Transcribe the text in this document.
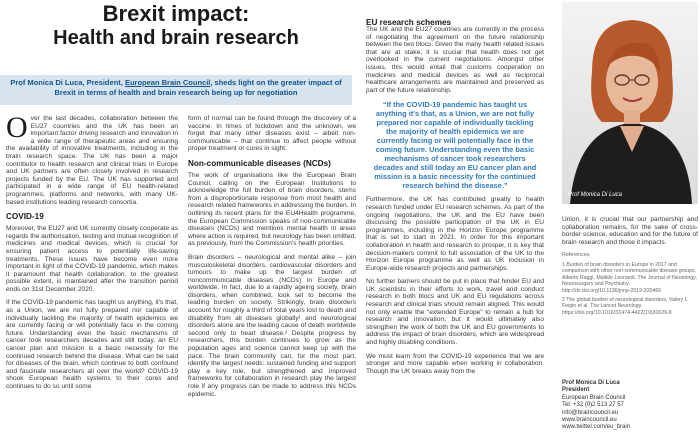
Brexit impact:
Health and brain research
Prof Monica Di Luca, President, European Brain Council, sheds light on the greater impact of Brexit in terms of health and brain research being up for negotiation

Over the last decades, collaboration between the EU27 countries and the UK has been an important factor driving research and innovation in a wide range of therapeutic areas and ensuring the availability of innovative treatments, including in the brain research space. The UK has been a major contributor to health research and clinical trials in Europe and UK partners are often closely involved in research projects funded by the EU. The UK has supported and participated in a wide range of EU health-related programmes, platforms and networks, with many UK-based institutions leading research consortia.

COVID-19

Moreover, the EU27 and UK currently closely cooperate as regards the authorisation, testing and mutual recognition of medicines and medical devices, which is crucial for ensuring patient access to potentially life-saving treatments. These issues have become even more important in light of the COVID-19 pandemic, which makes it paramount that health collaboration, to the greatest possible extent, is maintained after the transition period ends on 31st December 2020.

If the COVID-19 pandemic has taught us anything, it's that, as a Union, we are not fully prepared nor capable of individually tackling the majority of health epidemics we are currently facing or will potentially face in the coming future. Understanding even the basic mechanisms of cancer took researchers decades and still today, an EU cancer plan and mission is a basic necessity for the continued research behind the disease. What can be said for diseases of the brain, which continue to both confound and fascinate researchers all over the world? COVID-19 shook European health systems to their cores and continues to do so until some

form of normal can be found through the discovery of a vaccine. In times of lockdown and the unknown, we forget that many other diseases exist – albeit non-communicable – that continue to affect people without proper treatment or cures in sight.

Non-communicable diseases (NCDs)

The work of organisations like the European Brain Council, calling on the European Institutions to acknowledge the full burden of brain disorders, stems from a disproportionate response from most health and research related frameworks in addressing the burden. In outlining its recent plans for the EU4Health programme, the European Commission speaks of non-communicable diseases (NCDs) and mentions mental health in areas where action is required, but neurology has been omitted, as previously, from the Commission's health priorities.

Brain disorders – neurological and mental alike – join musculoskeletal disorders, cardiovascular disorders and tumours to make up the largest burden of noncommunicable diseases (NCDs) in Europe and worldwide. In fact, due to a rapidly ageing society, brain disorders, when combined, look set to become the leading burden on society. Strikingly, brain disorders account for roughly a third of total years lost to death and disability from all diseases globally¹ and neurological disorders alone are the leading cause of death worldwide second only to heart disease.² Despite progress by researchers, this burden continues to grow as the population ages and science cannot keep up with the pace. The brain community can, for the most part, identify the largest needs: sustained funding and support play a key role, but strengthened and improved frameworks for collaboration in research play the largest role if any progress can be made to address this NCDs epidemic.

EU research schemes

The UK and the EU27 countries are currently in the process of negotiating the agreement on the future relationship between the two blocs. Given the many health related issues that are at stake, it is crucial that health does not get overlooked in the current negotiations. Amongst other issues, this would entail that customs cooperation on medicines and medical devices as well as reciprocal healthcare arrangements are maintained and preserved as part of the future relationship.

“If the COVID-19 pandemic has taught us anything it's that, as a Union, we are not fully prepared nor capable of individually tackling the majority of health epidemics we are currently facing or will potentially face in the coming future. Understanding even the basic mechanisms of cancer took researchers decades and still today an EU cancer plan and mission is a basic necessity for the continued research behind the disease.”

Furthermore, the UK has contributed greatly to health research funded under EU research schemes. As part of the ongoing negotiations, the UK and the EU have been discussing the possible participation of the UK in EU programmes, including in the Horizon Europe programme that is set to start in 2021. In order for this important collaboration in health and research to prosper, it is key that decision-makers commit to full association of the UK to the Horizon Europe programme as well as UK inclusion in Europe-wide research projects and partnerships.

No further barriers should be put in place that hinder EU and UK scientists in their efforts to work, travel and conduct research in both blocs and UK and EU regulations across research and clinical trials should remain aligned. This would not only enable the “extended Europe” to remain a hub for research and innovation, but it would ultimately also strengthen the work of both the UK and EU governments to address the impact of brain disorders, which are widespread and highly disabling conditions.

We must learn from the COVID-19 experience that we are stronger and more capable when working in collaboration. Though the UK breaks away from the

Prof Monica Di Luca

Union, it is crucial that our partnership and collaboration remains, for the sake of cross-border science, education and for the future of brain research and those it impacts.

References

1 Burden of brain disorders in Europe in 2017 and comparison with other non-communicable disease groups. Alberto Raggi, Matilde Leonardi. The Journal of Neurology, Neurosurgery and Psychiatry. http://dx.doi.org/10.1136/jnnp-2019-320466

2 The global burden of neurological disorders. Valery L Feigin et al. The Lancet Neurology. https://doi.org/10.1016/S1474-4422(19)30029-8

Prof Monica Di Luca
President
European Brain Council
Tel: +32 (0)2 513 27 57
info@braincouncil.eu
www.braincouncil.eu
www.twitter.com/eu_brain
